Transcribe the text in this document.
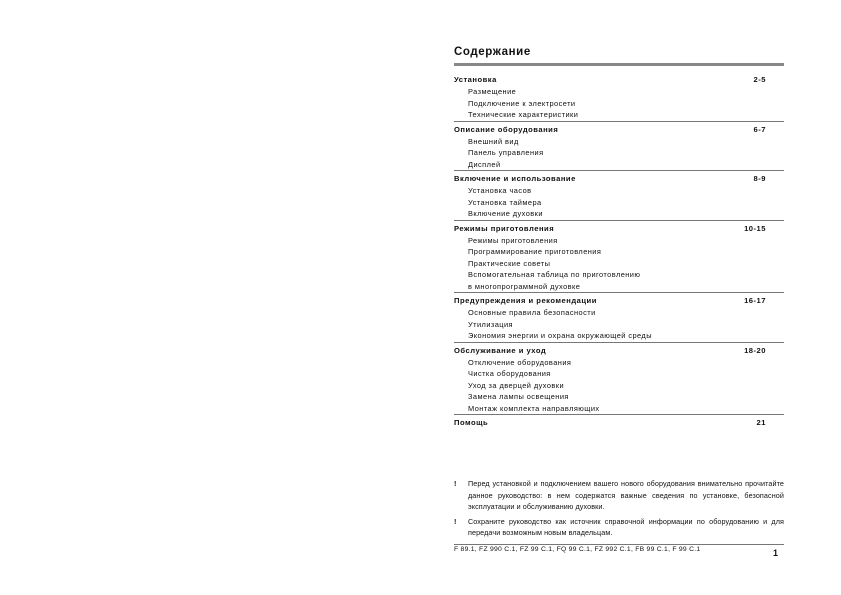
Содержание
Установка	2-5
Размещение
Подключение к электросети
Технические характеристики
Описание оборудования	6-7
Внешний вид
Панель управления
Дисплей
Включение и использование	8-9
Установка часов
Установка таймера
Включение духовки
Режимы приготовления	10-15
Режимы приготовления
Программирование приготовления
Практические советы
Вспомогательная таблица по приготовлению
в многопрограммной духовке
Предупреждения и рекомендации	16-17
Основные правила безопасности
Утилизация
Экономия энергии и охрана окружающей среды
Обслуживание и уход	18-20
Отключение оборудования
Чистка оборудования
Уход за дверцей духовки
Замена лампы освещения
Монтаж комплекта направляющих
Помощь	21
!	Перед установкой и подключением вашего нового оборудования внимательно прочитайте данное руководство: в нем содержатся важные сведения по установке, безопасной эксплуатации и обслуживанию духовки.
!	Сохраните руководство как источник справочной информации по оборудованию и для передачи возможным новым владельцам.
F 89.1, FZ 990 C.1, FZ 99 C.1, FQ 99 C.1, FZ 992 C.1, FB 99 C.1, F 99 C.1	1
